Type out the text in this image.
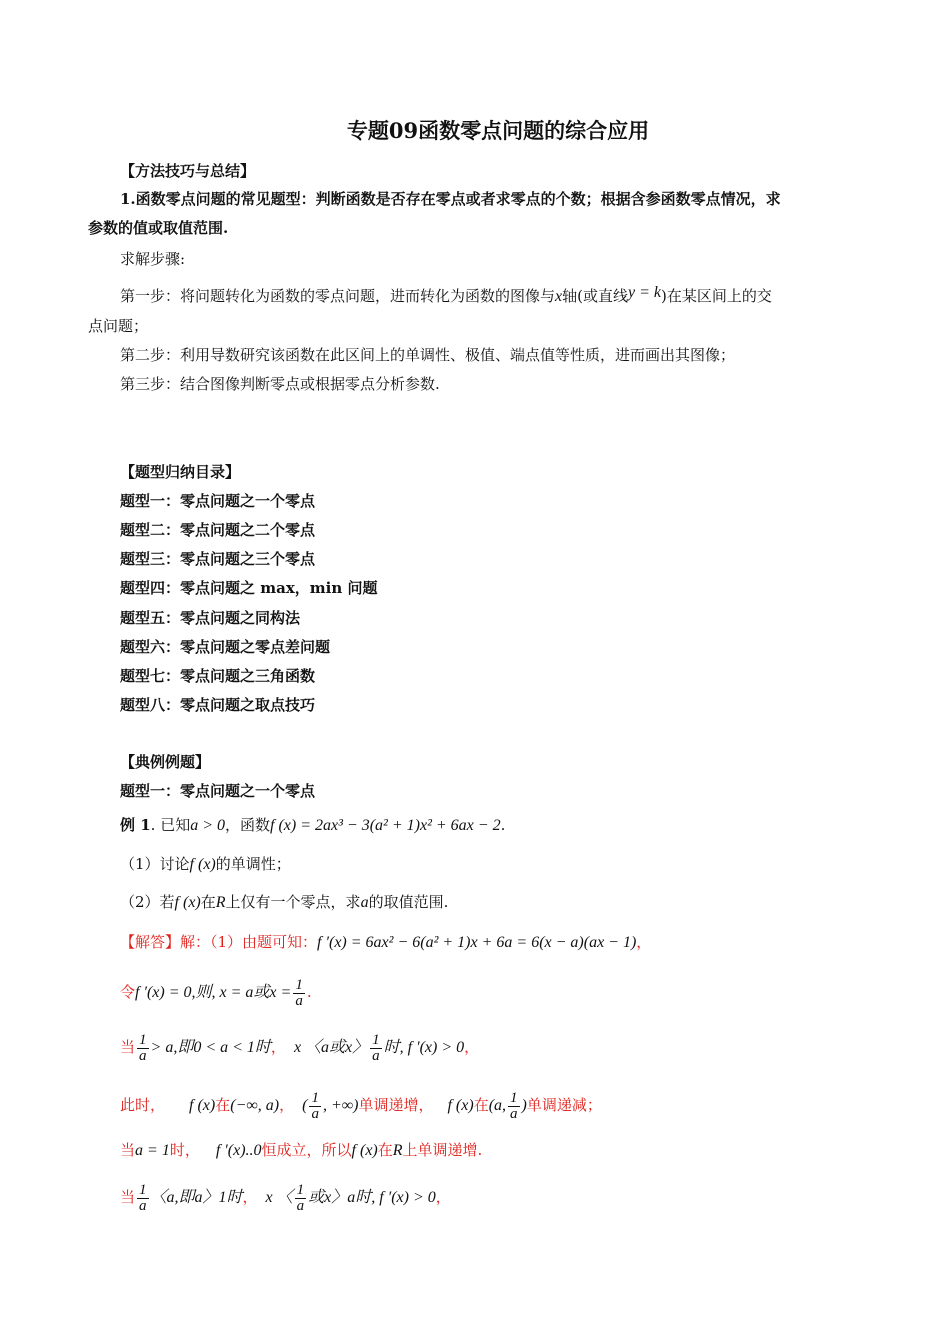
专题09函数零点问题的综合应用
【方法技巧与总结】
1.函数零点问题的常见题型：判断函数是否存在零点或者求零点的个数；根据含参函数零点情况，求
参数的值或取值范围.
求解步骤:
第一步：将问题转化为函数的零点问题，进而转化为函数的图像与x轴(或直线y = k)在某区间上的交
点问题；
第二步：利用导数研究该函数在此区间上的单调性、极值、端点值等性质，进而画出其图像；
第三步：结合图像判断零点或根据零点分析参数.
【题型归纳目录】
题型一：零点问题之一个零点
题型二：零点问题之二个零点
题型三：零点问题之三个零点
题型四：零点问题之 max，min 问题
题型五：零点问题之同构法
题型六：零点问题之零点差问题
题型七：零点问题之三角函数
题型八：零点问题之取点技巧
【典例例题】
题型一：零点问题之一个零点
例 1. 已知a > 0，函数f (x) = 2ax³ − 3(a² + 1)x² + 6ax − 2.
（1）讨论f (x)的单调性；
（2）若f (x)在R上仅有一个零点，求a的取值范围.
【解答】解：（1）由题可知：f ′(x) = 6ax² − 6(a² + 1)x + 6a = 6(x − a)(ax − 1)，
令f ′(x) = 0,则, x = a或$x = \frac{1}{a}$ .
当 $\frac{1}{a} > a$,即0 < a < 1时， x 〈a或x〉 $\frac{1}{a}$ 时, f ′(x) > 0，
此时， f (x)在(−∞, a)， ( $\frac{1}{a}$ , +∞)单调递增， f (x)在(a, $\frac{1}{a}$ )单调递减；
当a = 1时， f ′(x)..0恒成立，所以f (x)在R上单调递增.
当 $\frac{1}{a}$ 〈a,即a〉1时， x 〈 $\frac{1}{a}$ 或x〉a时, f ′(x) > 0，
